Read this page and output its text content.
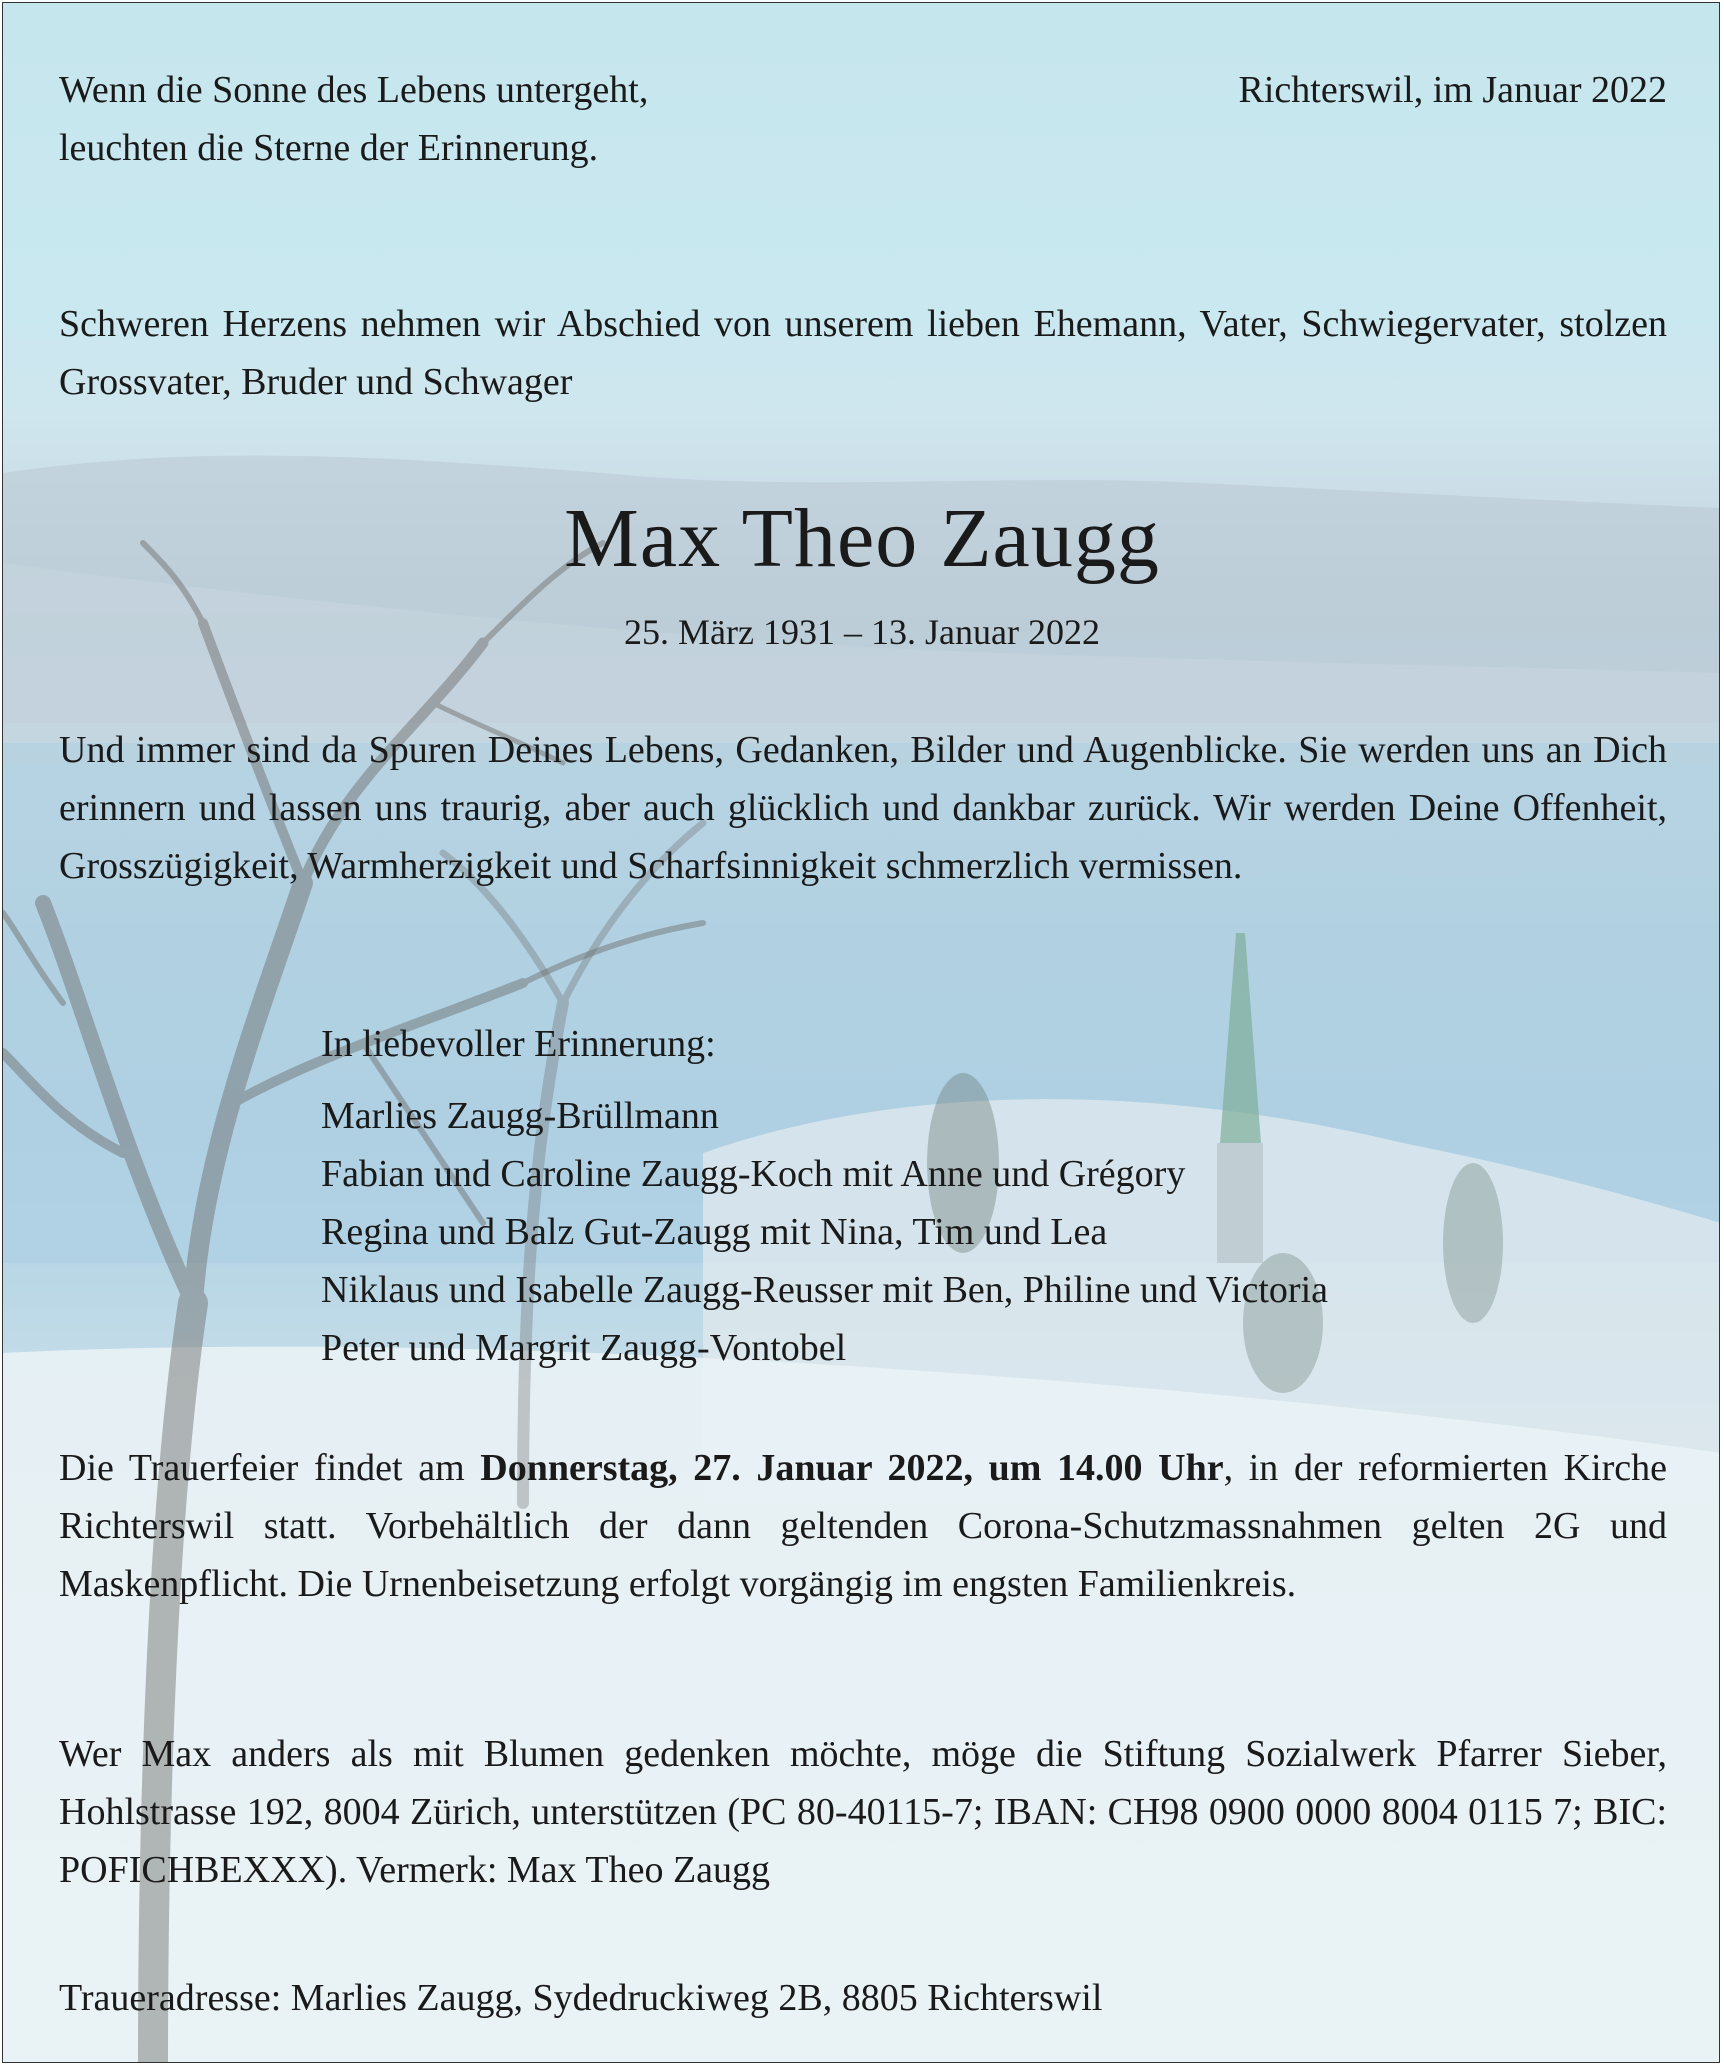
Wenn die Sonne des Lebens untergeht,
leuchten die Sterne der Erinnerung.
Richterswil, im Januar 2022
Schweren Herzens nehmen wir Abschied von unserem lieben Ehemann, Vater, Schwiegervater, stolzen Grossvater, Bruder und Schwager
Max Theo Zaugg
25. März 1931 – 13. Januar 2022
Und immer sind da Spuren Deines Lebens, Gedanken, Bilder und Augenblicke. Sie werden uns an Dich erinnern und lassen uns traurig, aber auch glücklich und dankbar zurück. Wir werden Deine Offenheit, Grosszügigkeit, Warmherzigkeit und Scharfsinnigkeit schmerzlich vermissen.
In liebevoller Erinnerung:
Marlies Zaugg-Brüllmann
Fabian und Caroline Zaugg-Koch mit Anne und Grégory
Regina und Balz Gut-Zaugg mit Nina, Tim und Lea
Niklaus und Isabelle Zaugg-Reusser mit Ben, Philine und Victoria
Peter und Margrit Zaugg-Vontobel
Die Trauerfeier findet am Donnerstag, 27. Januar 2022, um 14.00 Uhr, in der reformierten Kirche Richterswil statt. Vorbehältlich der dann geltenden Corona-Schutzmassnahmen gelten 2G und Maskenpflicht. Die Urnenbeisetzung erfolgt vorgängig im engsten Familienkreis.
Wer Max anders als mit Blumen gedenken möchte, möge die Stiftung Sozialwerk Pfarrer Sieber, Hohlstrasse 192, 8004 Zürich, unterstützen (PC 80-40115-7; IBAN: CH98 0900 0000 8004 0115 7; BIC: POFICHBEXXX). Vermerk: Max Theo Zaugg
Traueradresse: Marlies Zaugg, Sydedruckiweg 2B, 8805 Richterswil
